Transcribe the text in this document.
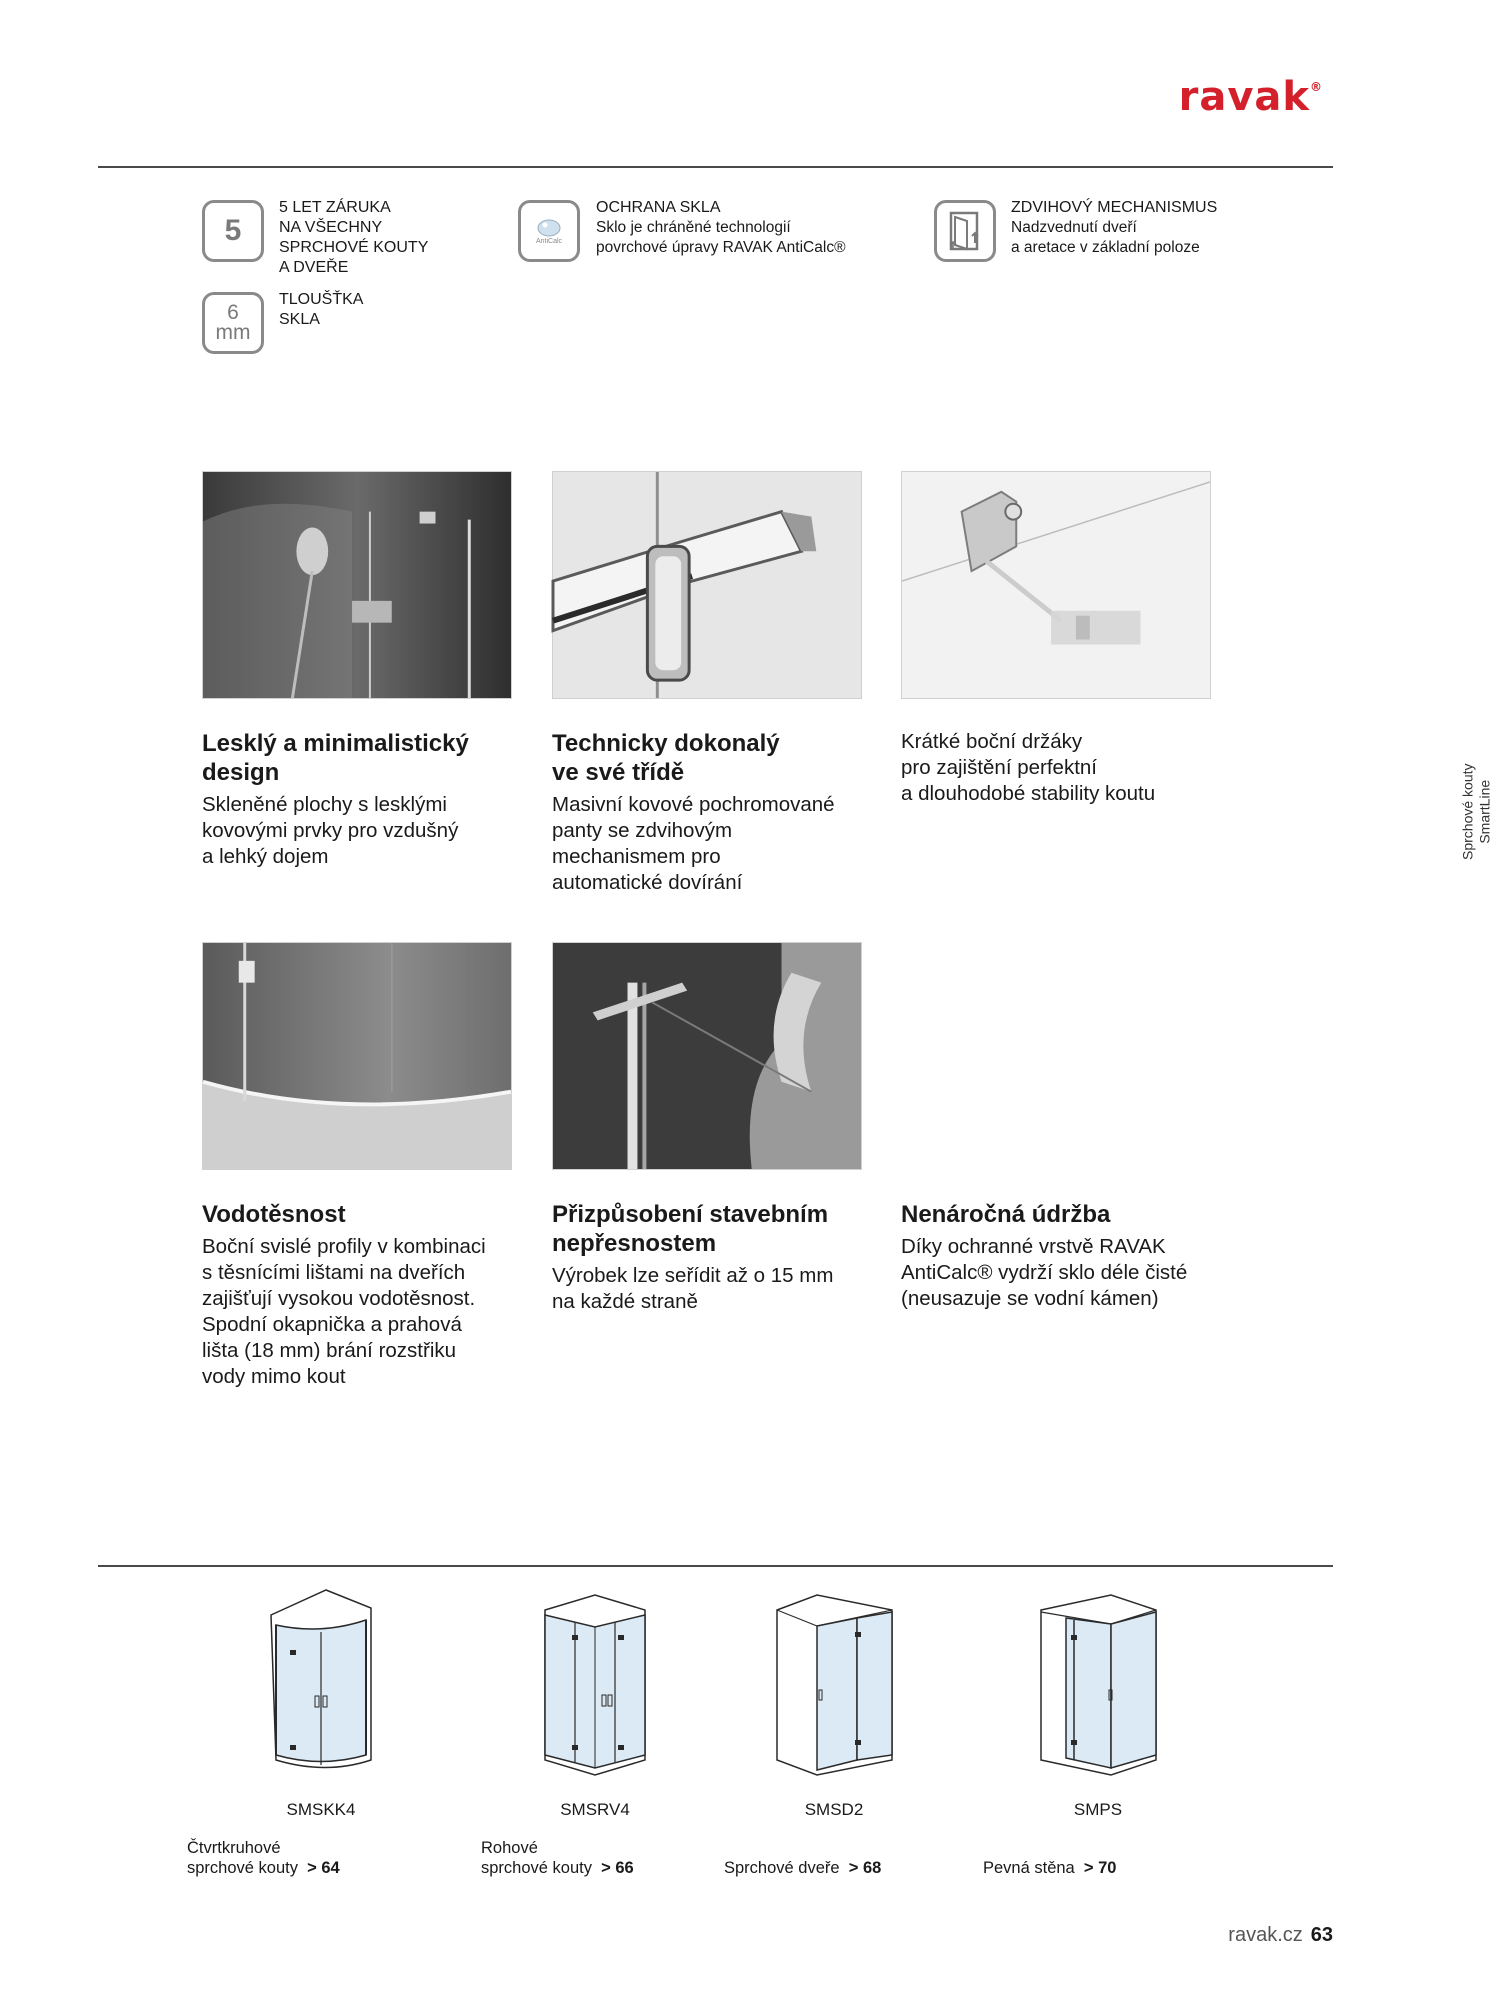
ravak®
5
5 LET ZÁRUKA
NA VŠECHNY
SPRCHOVÉ KOUTY
A DVEŘE
6
mm
TLOUŠŤKA
SKLA
AntiCalc
OCHRANA SKLA
Sklo je chráněné technologií
povrchové úpravy RAVAK AntiCalc®
ZDVIHOVÝ MECHANISMUS
Nadzvednutí dveří
a aretace v základní poloze
Lesklý a minimalistický
design
Skleněné plochy s lesklými
kovovými prvky pro vzdušný
a lehký dojem
Technicky dokonalý
ve své třídě
Masivní kovové pochromované
panty se zdvihovým
mechanismem pro
automatické dovírání
Krátké boční držáky
pro zajištění perfektní
a dlouhodobé stability koutu
Vodotěsnost
Boční svislé profily v kombinaci
s těsnícími lištami na dveřích
zajišťují vysokou vodotěsnost.
Spodní okapnička a prahová
lišta (18 mm) brání rozstřiku
vody mimo kout
Přizpůsobení stavebním
nepřesnostem
Výrobek lze seřídit až o 15 mm
na každé straně
Nenáročná údržba
Díky ochranné vrstvě RAVAK
AntiCalc® vydrží sklo déle čisté
(neusazuje se vodní kámen)
Sprchové kouty SmartLine
SMSKK4	SMSRV4	SMSD2	SMPS
Čtvrtkruhové
sprchové kouty > 64
Rohové
sprchové kouty > 66	Sprchové dveře > 68	Pevná stěna > 70
ravak.cz 63
